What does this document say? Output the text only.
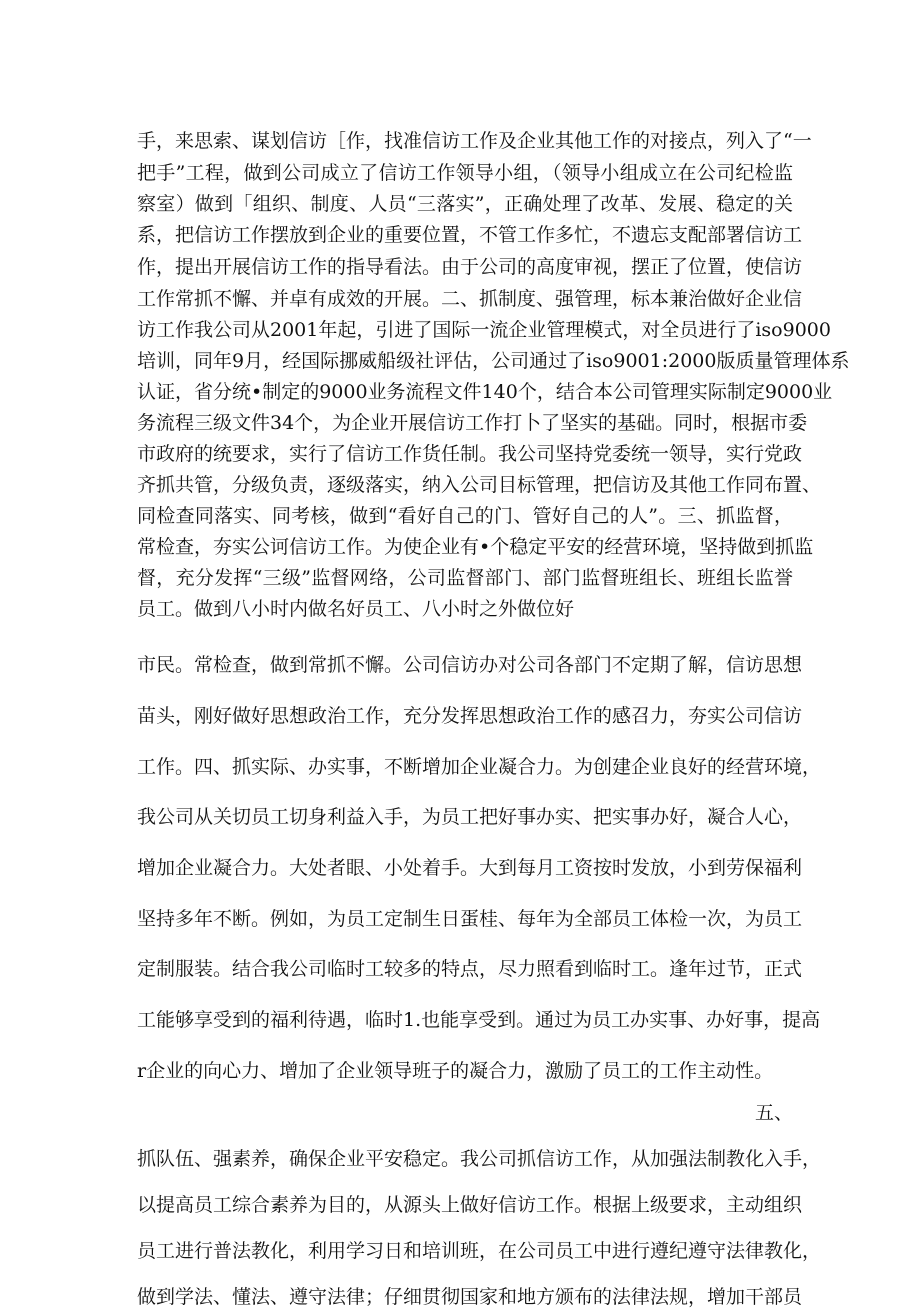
手，来思索、谋划信访［作，找准信访工作及企业其他工作的对接点，列入了“一

把手”工程，做到公司成立了信访工作领导小组，（领导小组成立在公司纪检监

察室）做到「组织、制度、人员“三落实”，正确处理了改革、发展、稳定的关

系，把信访工作摆放到企业的重要位置，不管工作多忙，不遗忘支配部署信访工

作，提出开展信访工作的指导看法。由于公司的高度审视，摆正了位置，使信访

工作常抓不懈、并卓有成效的开展。二、抓制度、强管理，标本兼治做好企业信

访工作我公司从2001年起，引进了国际一流企业管理模式，对全员进行了iso9000

培训，同年9月，经国际挪威船级社评估，公司通过了iso9001:2000版质量管理体系

认证，省分统•制定的9000业务流程文件140个，结合本公司管理实际制定9000业

务流程三级文件34个，为企业开展信访工作打卜了坚实的基础。同时，根据市委

市政府的统要求，实行了信访工作货任制。我公司坚持党委统一领导，实行党政

齐抓共管，分级负责，逐级落实，纳入公司目标管理，把信访及其他工作同布置、

同检查同落实、同考核，做到“看好自己的门、管好自己的人”。三、抓监督，

常检查，夯实公诃信访工作。为使企业有•个稳定平安的经营环境，坚持做到抓监

督，充分发挥“三级”监督网络，公司监督部门、部门监督班组长、班组长监誉

员工。做到八小时内做名好员工、八小时之外做位好

市民。常检查，做到常抓不懈。公司信访办对公司各部门不定期了解，信访思想

苗头，刚好做好思想政治工作，充分发挥思想政治工作的感召力，夯实公司信访

工作。四、抓实际、办实事，不断增加企业凝合力。为创建企业良好的经营环境，

我公司从关切员工切身利益入手，为员工把好事办实、把实事办好，凝合人心，

增加企业凝合力。大处者眼、小处着手。大到每月工资按时发放，小到劳保福利

坚持多年不断。例如，为员工定制生日蛋桂、每年为全部员工体检一次，为员工

定制服装。结合我公司临时工较多的特点，尽力照看到临时工。逢年过节，正式

工能够享受到的福利待遇，临时1.也能享受到。通过为员工办实事、办好事，提高

r企业的向心力、增加了企业领导班子的凝合力，激励了员工的工作主动性。

五、

抓队伍、强素养，确保企业平安稳定。我公司抓信访工作，从加强法制教化入手，

以提高员工综合素养为目的，从源头上做好信访工作。根据上级要求，主动组织

员工进行普法教化，利用学习日和培训班，在公司员工中进行遵纪遵守法律教化，

做到学法、懂法、遵守法律；仔细贯彻国家和地方颁布的法律法规，增加干部员
